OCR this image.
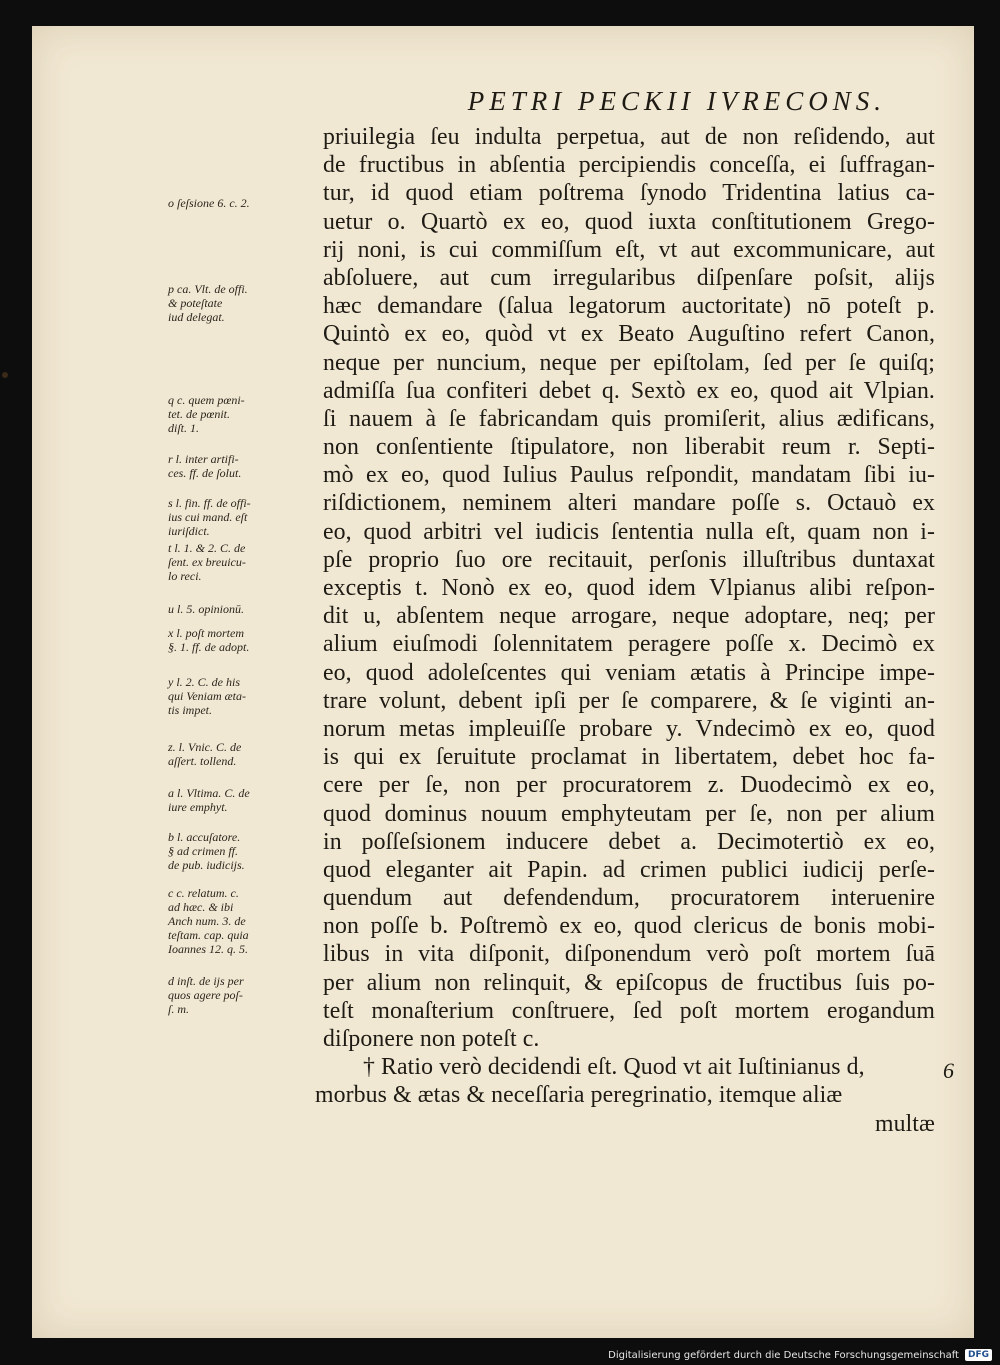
PETRI PECKII IVRECONS.
priuilegia ſeu indulta perpetua, aut de non reſidendo, aut
de fructibus in abſentia percipiendis conceſſa, ei ſuffragan-
tur, id quod etiam poſtrema ſynodo Tridentina latius ca-
uetur o. Quartò ex eo, quod iuxta conſtitutionem Grego-
rij noni, is cui commiſſum eſt, vt aut excommunicare, aut
abſoluere, aut cum irregularibus diſpenſare poſsit, alijs
hæc demandare (ſalua legatorum auctoritate) nō poteſt p.
Quintò ex eo, quòd vt ex Beato Auguſtino refert Canon,
neque per nuncium, neque per epiſtolam, ſed per ſe quiſq;
admiſſa ſua confiteri debet q. Sextò ex eo, quod ait Vlpian.
ſi nauem à ſe fabricandam quis promiſerit, alius ædificans,
non conſentiente ſtipulatore, non liberabit reum r. Septi-
mò ex eo, quod Iulius Paulus reſpondit, mandatam ſibi iu-
riſdictionem, neminem alteri mandare poſſe s. Octauò ex
eo, quod arbitri vel iudicis ſententia nulla eſt, quam non i-
pſe proprio ſuo ore recitauit, perſonis illuſtribus duntaxat
exceptis t. Nonò ex eo, quod idem Vlpianus alibi reſpon-
dit u, abſentem neque arrogare, neque adoptare, neq; per
alium eiuſmodi ſolennitatem peragere poſſe x. Decimò ex
eo, quod adoleſcentes qui veniam ætatis à Principe impe-
trare volunt, debent ipſi per ſe comparere, & ſe viginti an-
norum metas impleuiſſe probare y. Vndecimò ex eo, quod
is qui ex ſeruitute proclamat in libertatem, debet hoc fa-
cere per ſe, non per procuratorem z. Duodecimò ex eo,
quod dominus nouum emphyteutam per ſe, non per alium
in poſſeſsionem inducere debet a. Decimotertiò ex eo,
quod eleganter ait Papin. ad crimen publici iudicij perſe-
quendum aut defendendum, procuratorem interuenire
non poſſe b. Poſtremò ex eo, quod clericus de bonis mobi-
libus in vita diſponit, diſponendum verò poſt mortem ſuā
per alium non relinquit, & epiſcopus de fructibus ſuis po-
teſt monaſterium conſtruere, ſed poſt mortem erogandum
diſponere non poteſt c.
† Ratio verò decidendi eſt. Quod vt ait Iuſtinianus d,
morbus & ætas & neceſſaria peregrinatio, itemque aliæ
multæ
o ſeſsione 6. c. 2.
p ca. Vlt. de offi.
& poteſtate
iud delegat.
q c. quem pœni-
tet. de pœnit.
diſt. 1.
r l. inter artifi-
ces. ff. de ſolut.
s l. fin. ff. de offi-
ius cui mand. eſt
iuriſdict.
t l. 1. & 2. C. de
ſent. ex breuicu-
lo reci.
u l. 5. opinionū.
x l. poſt mortem
§. 1. ff. de adopt.
y l. 2. C. de his
qui Veniam æta-
tis impet.
z. l. Vnic. C. de
aſſert. tollend.
a l. Vltima. C. de
iure emphyt.
b l. accuſatore.
§ ad crimen ff.
de pub. iudicijs.
c c. relatum. c.
ad hæc. & ibi
Anch num. 3. de
teſtam. cap. quia
Ioannes 12. q. 5.
d inſt. de ijs per
quos agere poſ-
ſ. m.
6
Digitalisierung gefördert durch die Deutsche Forschungsgemeinschaft	DFG
